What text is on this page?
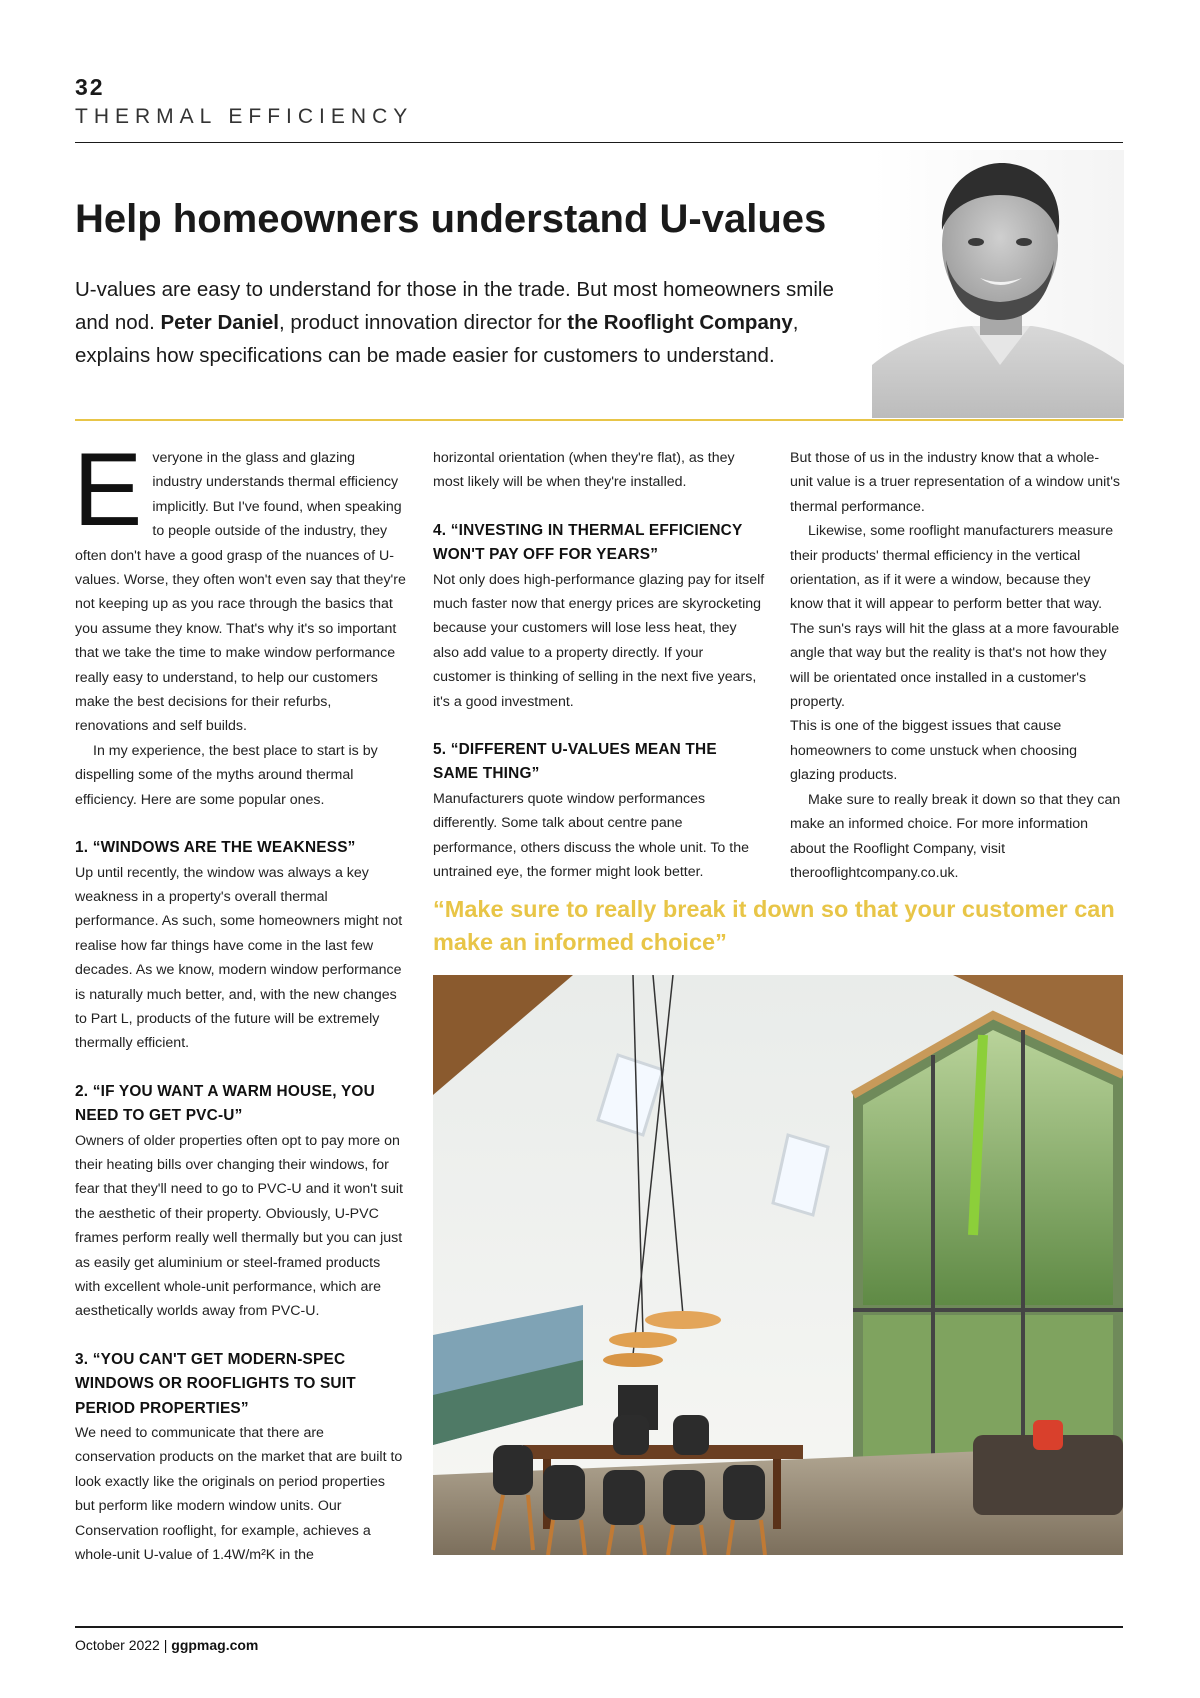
32
THERMAL EFFICIENCY
Help homeowners understand U-values

U-values are easy to understand for those in the trade. But most homeowners smile and nod. Peter Daniel, product innovation director for the Rooflight Company, explains how specifications can be made easier for customers to understand.

Everyone in the glass and glazing industry understands thermal efficiency implicitly. But I've found, when speaking to people outside of the industry, they often don't have a good grasp of the nuances of U-values. Worse, they often won't even say that they're not keeping up as you race through the basics that you assume they know. That's why it's so important that we take the time to make window performance really easy to understand, to help our customers make the best decisions for their refurbs, renovations and self builds.

In my experience, the best place to start is by dispelling some of the myths around thermal efficiency. Here are some popular ones.

1. “WINDOWS ARE THE WEAKNESS”

Up until recently, the window was always a key weakness in a property's overall thermal performance. As such, some homeowners might not realise how far things have come in the last few decades. As we know, modern window performance is naturally much better, and, with the new changes to Part L, products of the future will be extremely thermally efficient.

2. “IF YOU WANT A WARM HOUSE, YOU NEED TO GET PVC-U”

Owners of older properties often opt to pay more on their heating bills over changing their windows, for fear that they'll need to go to PVC-U and it won't suit the aesthetic of their property. Obviously, U-PVC frames perform really well thermally but you can just as easily get aluminium or steel-framed products with excellent whole-unit performance, which are aesthetically worlds away from PVC-U.

3. “YOU CAN'T GET MODERN-SPEC WINDOWS OR ROOFLIGHTS TO SUIT PERIOD PROPERTIES”

We need to communicate that there are conservation products on the market that are built to look exactly like the originals on period properties but perform like modern window units. Our Conservation rooflight, for example, achieves a whole-unit U-value of 1.4W/m²K in the

horizontal orientation (when they're flat), as they most likely will be when they're installed.

4. “INVESTING IN THERMAL EFFICIENCY WON'T PAY OFF FOR YEARS”

Not only does high-performance glazing pay for itself much faster now that energy prices are skyrocketing because your customers will lose less heat, they also add value to a property directly. If your customer is thinking of selling in the next five years, it's a good investment.

5. “DIFFERENT U-VALUES MEAN THE SAME THING”

Manufacturers quote window performances differently. Some talk about centre pane performance, others discuss the whole unit. To the untrained eye, the former might look better.

But those of us in the industry know that a whole-unit value is a truer representation of a window unit's thermal performance.

Likewise, some rooflight manufacturers measure their products' thermal efficiency in the vertical orientation, as if it were a window, because they know that it will appear to perform better that way. The sun's rays will hit the glass at a more favourable angle that way but the reality is that's not how they will be orientated once installed in a customer's property.

This is one of the biggest issues that cause homeowners to come unstuck when choosing glazing products.

Make sure to really break it down so that they can make an informed choice. For more information about the Rooflight Company, visit therooflightcompany.co.uk.

“Make sure to really break it down so that your customer can make an informed choice”

October 2022 | ggpmag.com
